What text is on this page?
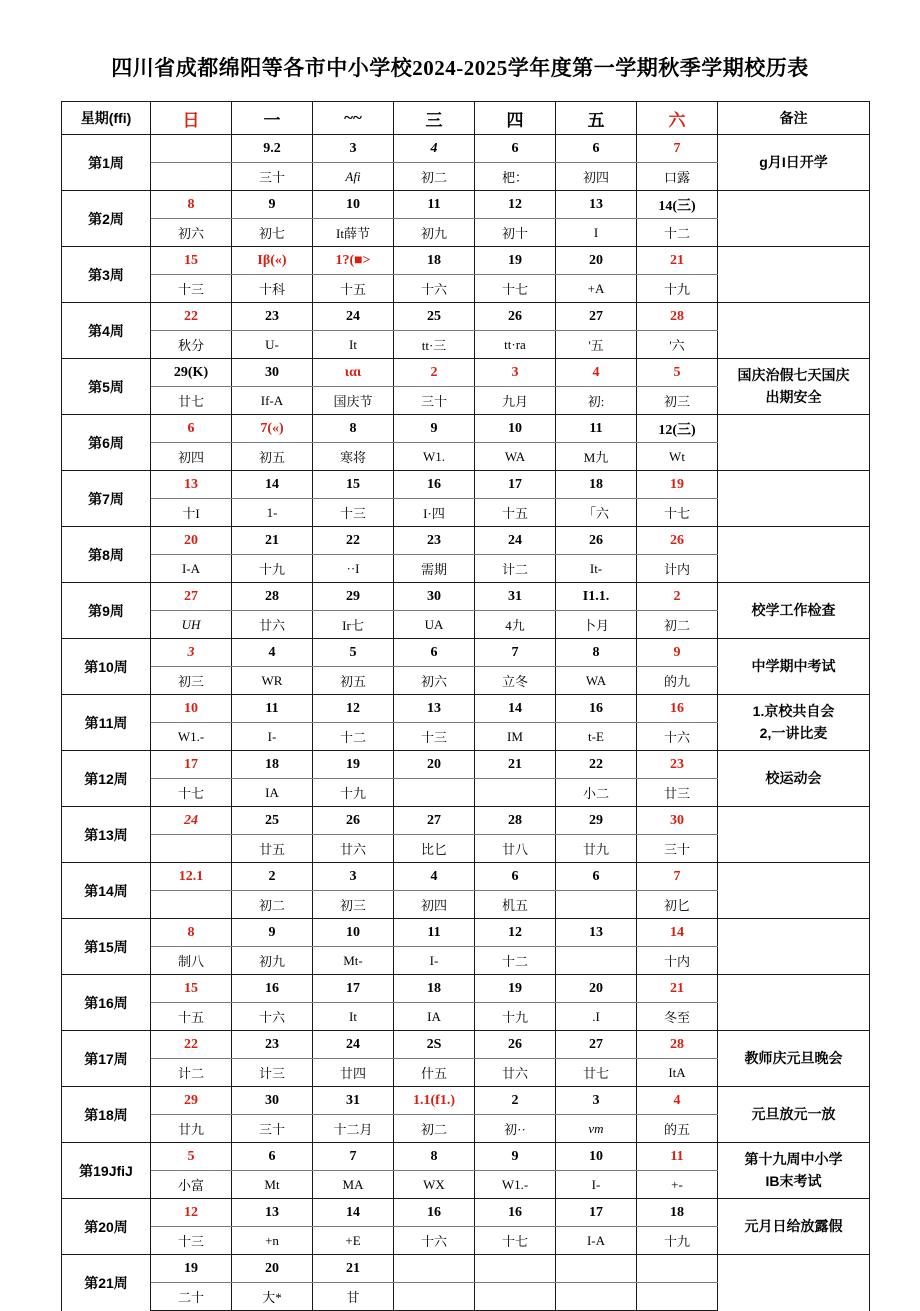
四川省成都绵阳等各市中小学校2024-2025学年度第一学期秋季学期校历表
星期(ffi)	日	一	~~	三	四	五	六	备注
第1周		9.2	3	4	6	6	7	g月I日开学

		三十	Afi	初二	杷：	初四	口露	
第2周	8	9	10	11	12	13	14(三)	
	初六	初七	It薛节	初九	初十	I	十二	
第3周	15	Iβ(«)	1?(■>	18	19	20	21	
	十三	十科	十五	十六	十七	+A	十九	
第4周	22	23	24	25	26	27	28	
	秋分	U-	It	tt·三	tt·ra	'五	'六	
第5周	29(K)	30	ιαι	2	3	4	5	国庆治假七天国庆
出期安全

	廿七	If-A	国庆节	三十	九月	初:	初三	
第6周	6	7(«)	8	9	10	11	12(三)	
	初四	初五	寒将	W1.	WA	M九	Wt	
第7周	13	14	15	16	17	18	19	
	十I	1-	十三	I·四	十五	「六	十七	
第8周	20	21	22	23	24	26	26	
	I-A	十九	··I	需期	计二	It-	计内	
第9周	27	28	29	30	31	I1.1.	2	校学工作检查

	UH	廿六	Ir七	UA	4九	卜月	初二	
第10周	3	4	5	6	7	8	9	中学期中考试

	初三	WR	初五	初六	立冬	WA	的九	
第11周	10	11	12	13	14	16	16	1.京校共自会
2,一讲比麦

	W1.-	I-	十二	十三	IM	t-E	十六	
第12周	17	18	19	20	21	22	23	校运动会

	十七	IA	十九			小二	廿三	
第13周	24	25	26	27	28	29	30	
		廿五	廿六	比匕	廿八	廿九	三十	
第14周	12.1	2	3	4	6	6	7	
		初二	初三	初四	机五		初匕	
第15周	8	9	10	11	12	13	14	
	制八	初九	Mt-	I-	十二		十内	
第16周	15	16	17	18	19	20	21	
	十五	十六	It	IA	十九	.I	冬至	
第17周	22	23	24	2S	26	27	28	教师庆元旦晚会

	计二	计三	廿四	什五	廿六	廿七	ItA	
第18周	29	30	31	1.1(f1.)	2	3	4	元旦放元一放

	廿九	三十	十二月	初二	初··	vm	的五	
第19JfiJ	5	6	7	8	9	10	11	第十九周中小学
IB末考试

	小富	Mt	MA	WX	W1.-	I-	+-	
第20周	12	13	14	16	16	17	18	元月日给放露假

	十三	+n	+E	十六	十七	I-A	十九	
第21周	19	20	21					
	二十	大*	甘					
